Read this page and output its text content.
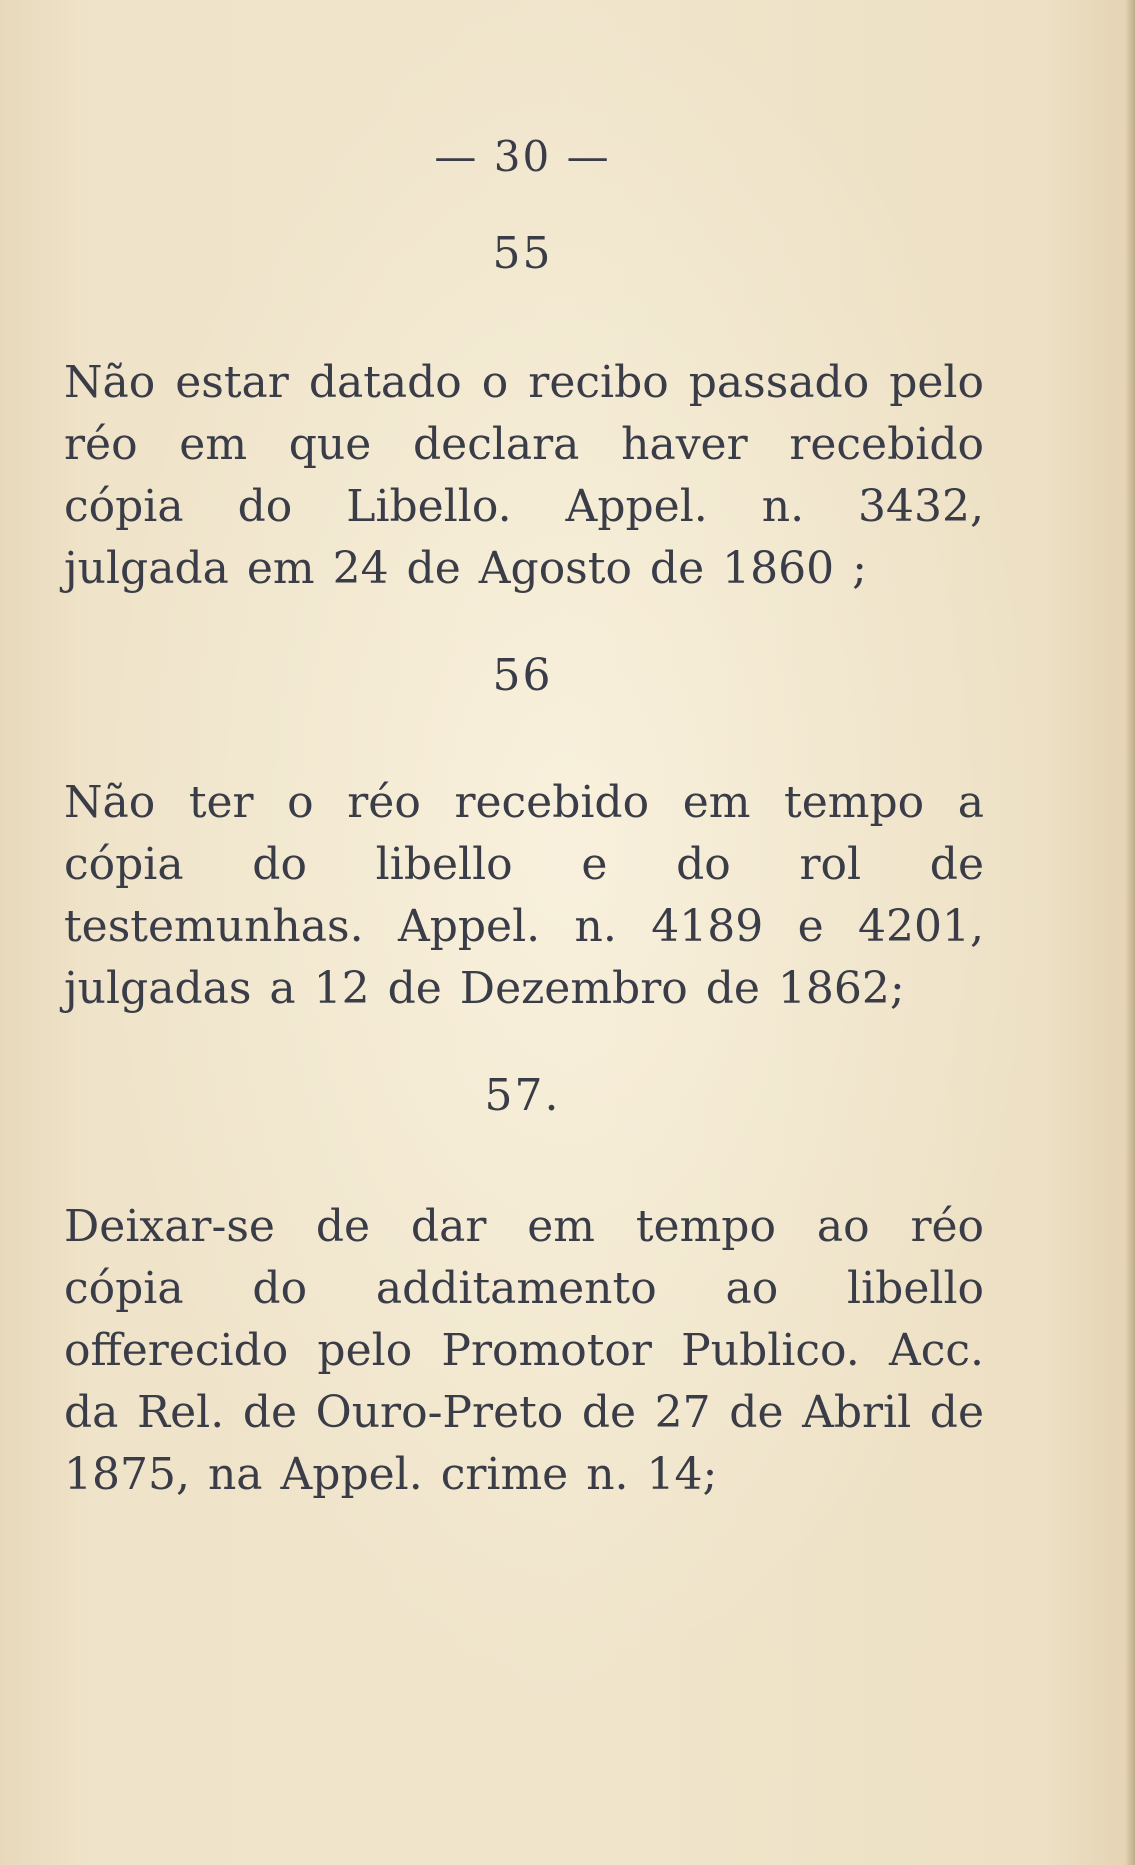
— 30 —
55

Não estar datado o recibo passado pelo réo em que declara haver recebido cópia do Libello. Appel. n. 3432, julgada em 24 de Agosto de 1860 ;

56

Não ter o réo recebido em tempo a cópia do libello e do rol de testemunhas. Appel. n. 4189 e 4201, julgadas a 12 de Dezembro de 1862;

57.

Deixar-se de dar em tempo ao réo cópia do additamento ao libello offerecido pelo Promotor Publico. Acc. da Rel. de Ouro-Preto de 27 de Abril de 1875, na Appel. crime n. 14;
